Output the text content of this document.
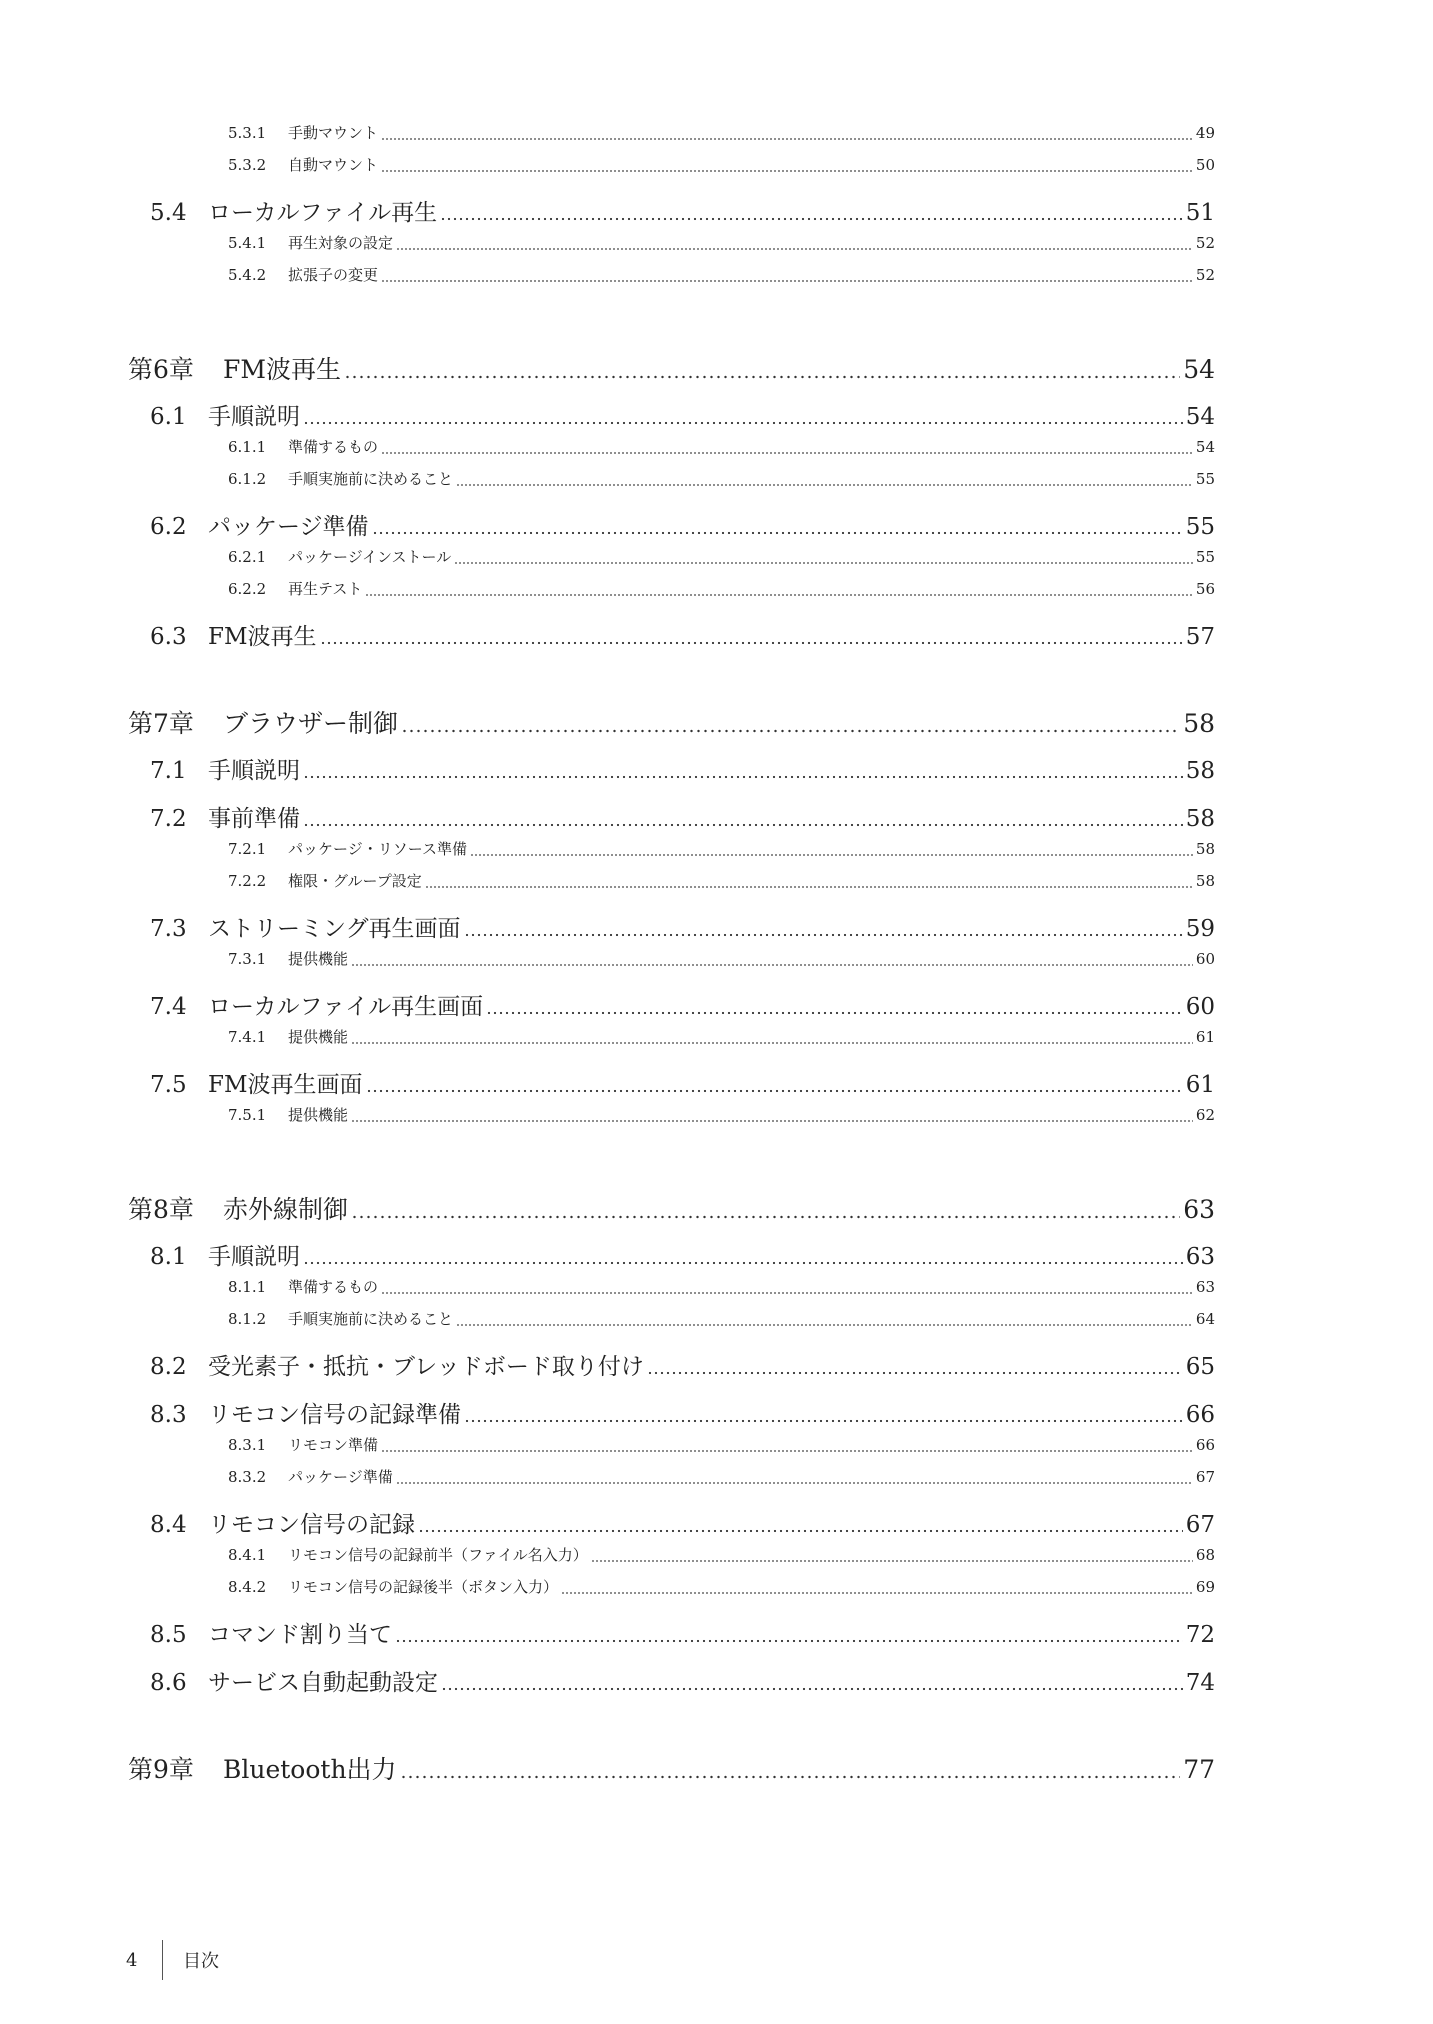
5.3.1	手動マウント	49
5.3.2	自動マウント	50
5.4 ローカルファイル再生	51
5.4.1	再生対象の設定	52
5.4.2	拡張子の変更	52
第6章	FM波再生	54
6.1 手順説明	54
6.1.1	準備するもの	54
6.1.2	手順実施前に決めること	55
6.2 パッケージ準備	55
6.2.1	パッケージインストール	55
6.2.2	再生テスト	56
6.3 FM波再生	57
第7章	ブラウザー制御	58
7.1 手順説明	58
7.2 事前準備	58
7.2.1	パッケージ・リソース準備	58
7.2.2	権限・グループ設定	58
7.3 ストリーミング再生画面	59
7.3.1	提供機能	60
7.4 ローカルファイル再生画面	60
7.4.1	提供機能	61
7.5 FM波再生画面	61
7.5.1	提供機能	62
第8章	赤外線制御	63
8.1 手順説明	63
8.1.1	準備するもの	63
8.1.2	手順実施前に決めること	64
8.2 受光素子・抵抗・ブレッドボード取り付け	65
8.3 リモコン信号の記録準備	66
8.3.1	リモコン準備	66
8.3.2	パッケージ準備	67
8.4 リモコン信号の記録	67
8.4.1	リモコン信号の記録前半（ファイル名入力）	68
8.4.2	リモコン信号の記録後半（ボタン入力）	69
8.5 コマンド割り当て	72
8.6 サービス自動起動設定	74
第9章	Bluetooth出力	77
4	目次
